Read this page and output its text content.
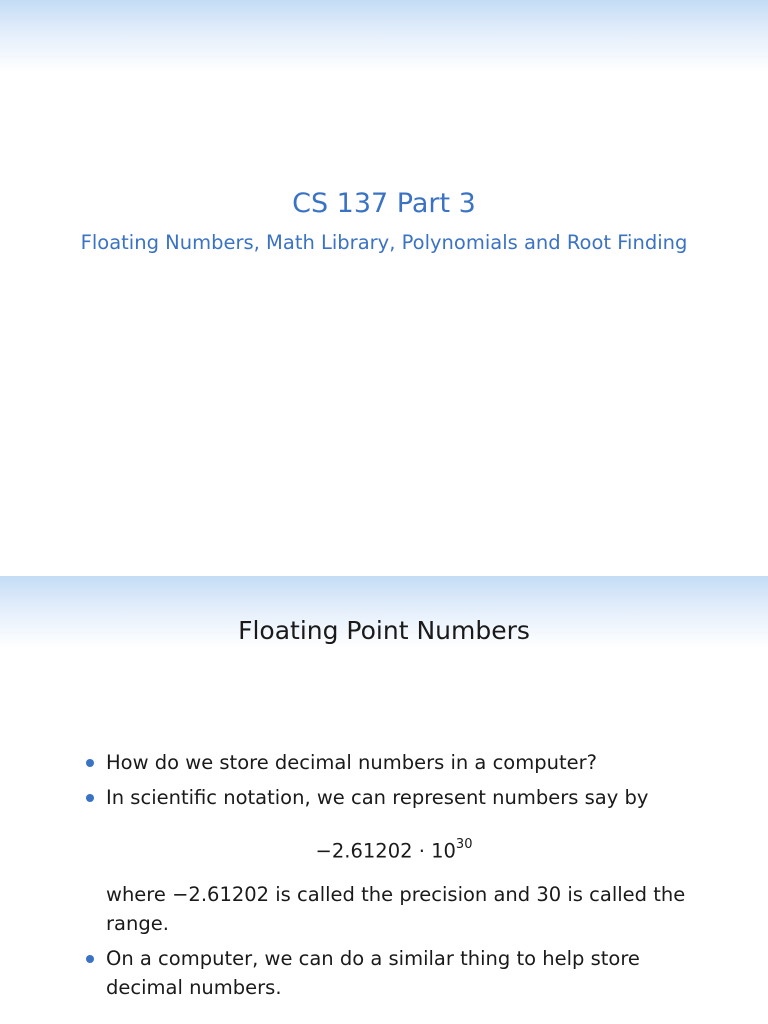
CS 137 Part 3
Floating Numbers, Math Library, Polynomials and Root Finding
Floating Point Numbers
How do we store decimal numbers in a computer?
In scientific notation, we can represent numbers say by
$-2.61202 \cdot 10^{30}$
where −2.61202 is called the precision and 30 is called the range.
On a computer, we can do a similar thing to help store decimal numbers.
